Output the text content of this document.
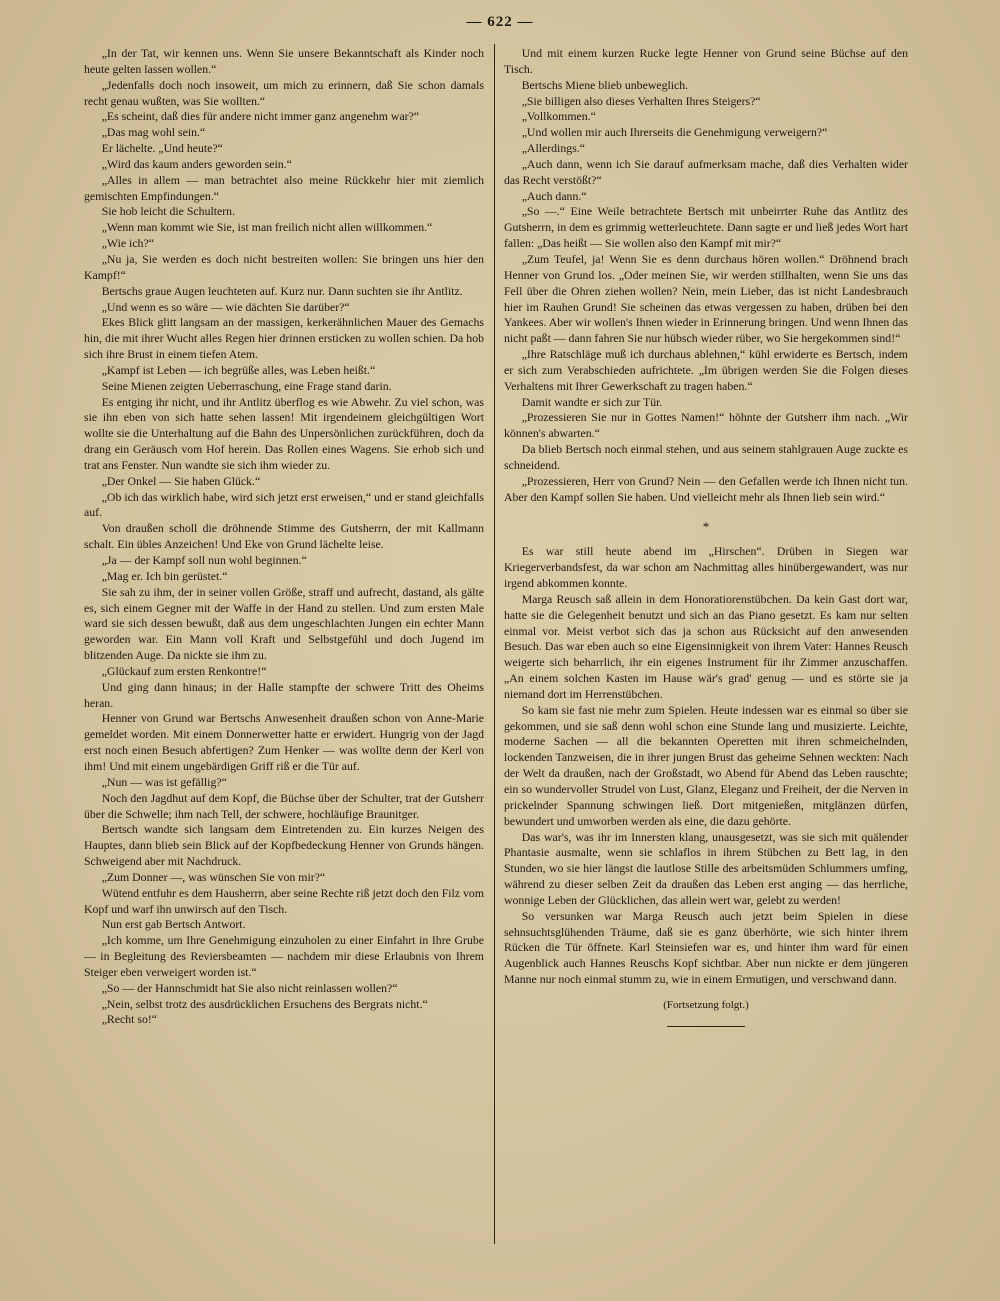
— 622 —

„In der Tat, wir kennen uns. Wenn Sie unsere Bekanntschaft als Kinder noch heute gelten lassen wollen.“

„Jedenfalls doch noch insoweit, um mich zu erinnern, daß Sie schon damals recht genau wußten, was Sie wollten.“

„Es scheint, daß dies für andere nicht immer ganz angenehm war?“

„Das mag wohl sein.“

Er lächelte. „Und heute?“

„Wird das kaum anders geworden sein.“

„Alles in allem — man betrachtet also meine Rückkehr hier mit ziemlich gemischten Empfindungen.“

Sie hob leicht die Schultern.

„Wenn man kommt wie Sie, ist man freilich nicht allen willkommen.“

„Wie ich?“

„Nu ja, Sie werden es doch nicht bestreiten wollen: Sie bringen uns hier den Kampf!“

Bertschs graue Augen leuchteten auf. Kurz nur. Dann suchten sie ihr Antlitz.

„Und wenn es so wäre — wie dächten Sie darüber?“

Ekes Blick glitt langsam an der massigen, kerkerähnlichen Mauer des Gemachs hin, die mit ihrer Wucht alles Regen hier drinnen ersticken zu wollen schien. Da hob sich ihre Brust in einem tiefen Atem.

„Kampf ist Leben — ich begrüße alles, was Leben heißt.“

Seine Mienen zeigten Ueberraschung, eine Frage stand darin.

Es entging ihr nicht, und ihr Antlitz überflog es wie Abwehr. Zu viel schon, was sie ihn eben von sich hatte sehen lassen! Mit irgendeinem gleichgültigen Wort wollte sie die Unterhaltung auf die Bahn des Unpersönlichen zurückführen, doch da drang ein Geräusch vom Hof herein. Das Rollen eines Wagens. Sie erhob sich und trat ans Fenster. Nun wandte sie sich ihm wieder zu.

„Der Onkel — Sie haben Glück.“

„Ob ich das wirklich habe, wird sich jetzt erst erweisen,“ und er stand gleichfalls auf.

Von draußen scholl die dröhnende Stimme des Gutsherrn, der mit Kallmann schalt. Ein übles Anzeichen! Und Eke von Grund lächelte leise.

„Ja — der Kampf soll nun wohl beginnen.“

„Mag er. Ich bin gerüstet.“

Sie sah zu ihm, der in seiner vollen Größe, straff und aufrecht, dastand, als gälte es, sich einem Gegner mit der Waffe in der Hand zu stellen. Und zum ersten Male ward sie sich dessen bewußt, daß aus dem ungeschlachten Jungen ein echter Mann geworden war. Ein Mann voll Kraft und Selbstgefühl und doch Jugend im blitzenden Auge. Da nickte sie ihm zu.

„Glückauf zum ersten Renkontre!“

Und ging dann hinaus; in der Halle stampfte der schwere Tritt des Oheims heran.

Henner von Grund war Bertschs Anwesenheit draußen schon von Anne-Marie gemeldet worden. Mit einem Donnerwetter hatte er erwidert. Hungrig von der Jagd erst noch einen Besuch abfertigen? Zum Henker — was wollte denn der Kerl von ihm! Und mit einem ungebärdigen Griff riß er die Tür auf.

„Nun — was ist gefällig?“

Noch den Jagdhut auf dem Kopf, die Büchse über der Schulter, trat der Gutsherr über die Schwelle; ihm nach Tell, der schwere, hochläufige Braunitger.

Bertsch wandte sich langsam dem Eintretenden zu. Ein kurzes Neigen des Hauptes, dann blieb sein Blick auf der Kopfbedeckung Henner von Grunds hängen. Schweigend aber mit Nachdruck.

„Zum Donner —, was wünschen Sie von mir?“

Wütend entfuhr es dem Hausherrn, aber seine Rechte riß jetzt doch den Filz vom Kopf und warf ihn unwirsch auf den Tisch.

Nun erst gab Bertsch Antwort.

„Ich komme, um Ihre Genehmigung einzuholen zu einer Einfahrt in Ihre Grube — in Begleitung des Reviersbeamten — nachdem mir diese Erlaubnis von Ihrem Steiger eben verweigert worden ist.“

„So — der Hannschmidt hat Sie also nicht reinlassen wollen?“

„Nein, selbst trotz des ausdrücklichen Ersuchens des Bergrats nicht.“

„Recht so!“

Und mit einem kurzen Rucke legte Henner von Grund seine Büchse auf den Tisch.

Bertschs Miene blieb unbeweglich.

„Sie billigen also dieses Verhalten Ihres Steigers?“

„Vollkommen.“

„Und wollen mir auch Ihrerseits die Genehmigung verweigern?“

„Allerdings.“

„Auch dann, wenn ich Sie darauf aufmerksam mache, daß dies Verhalten wider das Recht verstößt?“

„Auch dann.“

„So —.“ Eine Weile betrachtete Bertsch mit unbeirrter Ruhe das Antlitz des Gutsherrn, in dem es grimmig wetterleuchtete. Dann sagte er und ließ jedes Wort hart fallen: „Das heißt — Sie wollen also den Kampf mit mir?“

„Zum Teufel, ja! Wenn Sie es denn durchaus hören wollen.“ Dröhnend brach Henner von Grund los. „Oder meinen Sie, wir werden stillhalten, wenn Sie uns das Fell über die Ohren ziehen wollen? Nein, mein Lieber, das ist nicht Landesbrauch hier im Rauhen Grund! Sie scheinen das etwas vergessen zu haben, drüben bei den Yankees. Aber wir wollen's Ihnen wieder in Erinnerung bringen. Und wenn Ihnen das nicht paßt — dann fahren Sie nur hübsch wieder rüber, wo Sie hergekommen sind!“

„Ihre Ratschläge muß ich durchaus ablehnen,“ kühl erwiderte es Bertsch, indem er sich zum Verabschieden aufrichtete. „Im übrigen werden Sie die Folgen dieses Verhaltens mit Ihrer Gewerkschaft zu tragen haben.“

Damit wandte er sich zur Tür.

„Prozessieren Sie nur in Gottes Namen!“ höhnte der Gutsherr ihm nach. „Wir können's abwarten.“

Da blieb Bertsch noch einmal stehen, und aus seinem stahlgrauen Auge zuckte es schneidend.

„Prozessieren, Herr von Grund? Nein — den Gefallen werde ich Ihnen nicht tun. Aber den Kampf sollen Sie haben. Und vielleicht mehr als Ihnen lieb sein wird.“

*

Es war still heute abend im „Hirschen“. Drüben in Siegen war Kriegerverbandsfest, da war schon am Nachmittag alles hinübergewandert, was nur irgend abkommen konnte.

Marga Reusch saß allein in dem Honoratiorenstübchen. Da kein Gast dort war, hatte sie die Gelegenheit benutzt und sich an das Piano gesetzt. Es kam nur selten einmal vor. Meist verbot sich das ja schon aus Rücksicht auf den anwesenden Besuch. Das war eben auch so eine Eigensinnigkeit von ihrem Vater: Hannes Reusch weigerte sich beharrlich, ihr ein eigenes Instrument für ihr Zimmer anzuschaffen. „An einem solchen Kasten im Hause wär's grad' genug — und es störte sie ja niemand dort im Herrenstübchen.

So kam sie fast nie mehr zum Spielen. Heute indessen war es einmal so über sie gekommen, und sie saß denn wohl schon eine Stunde lang und musizierte. Leichte, moderne Sachen — all die bekannten Operetten mit ihren schmeichelnden, lockenden Tanzweisen, die in ihrer jungen Brust das geheime Sehnen weckten: Nach der Welt da draußen, nach der Großstadt, wo Abend für Abend das Leben rauschte; ein so wundervoller Strudel von Lust, Glanz, Eleganz und Freiheit, der die Nerven in prickelnder Spannung schwingen ließ. Dort mitgenießen, mitglänzen dürfen, bewundert und umworben werden als eine, die dazu gehörte.

Das war's, was ihr im Innersten klang, unausgesetzt, was sie sich mit quälender Phantasie ausmalte, wenn sie schlaflos in ihrem Stübchen zu Bett lag, in den Stunden, wo sie hier längst die lautlose Stille des arbeitsmüden Schlummers umfing, während zu dieser selben Zeit da draußen das Leben erst anging — das herrliche, wonnige Leben der Glücklichen, das allein wert war, gelebt zu werden!

So versunken war Marga Reusch auch jetzt beim Spielen in diese sehnsuchtsglühenden Träume, daß sie es ganz überhörte, wie sich hinter ihrem Rücken die Tür öffnete. Karl Steinsiefen war es, und hinter ihm ward für einen Augenblick auch Hannes Reuschs Kopf sichtbar. Aber nun nickte er dem jüngeren Manne nur noch einmal stumm zu, wie in einem Ermutigen, und verschwand dann.

(Fortsetzung folgt.)
